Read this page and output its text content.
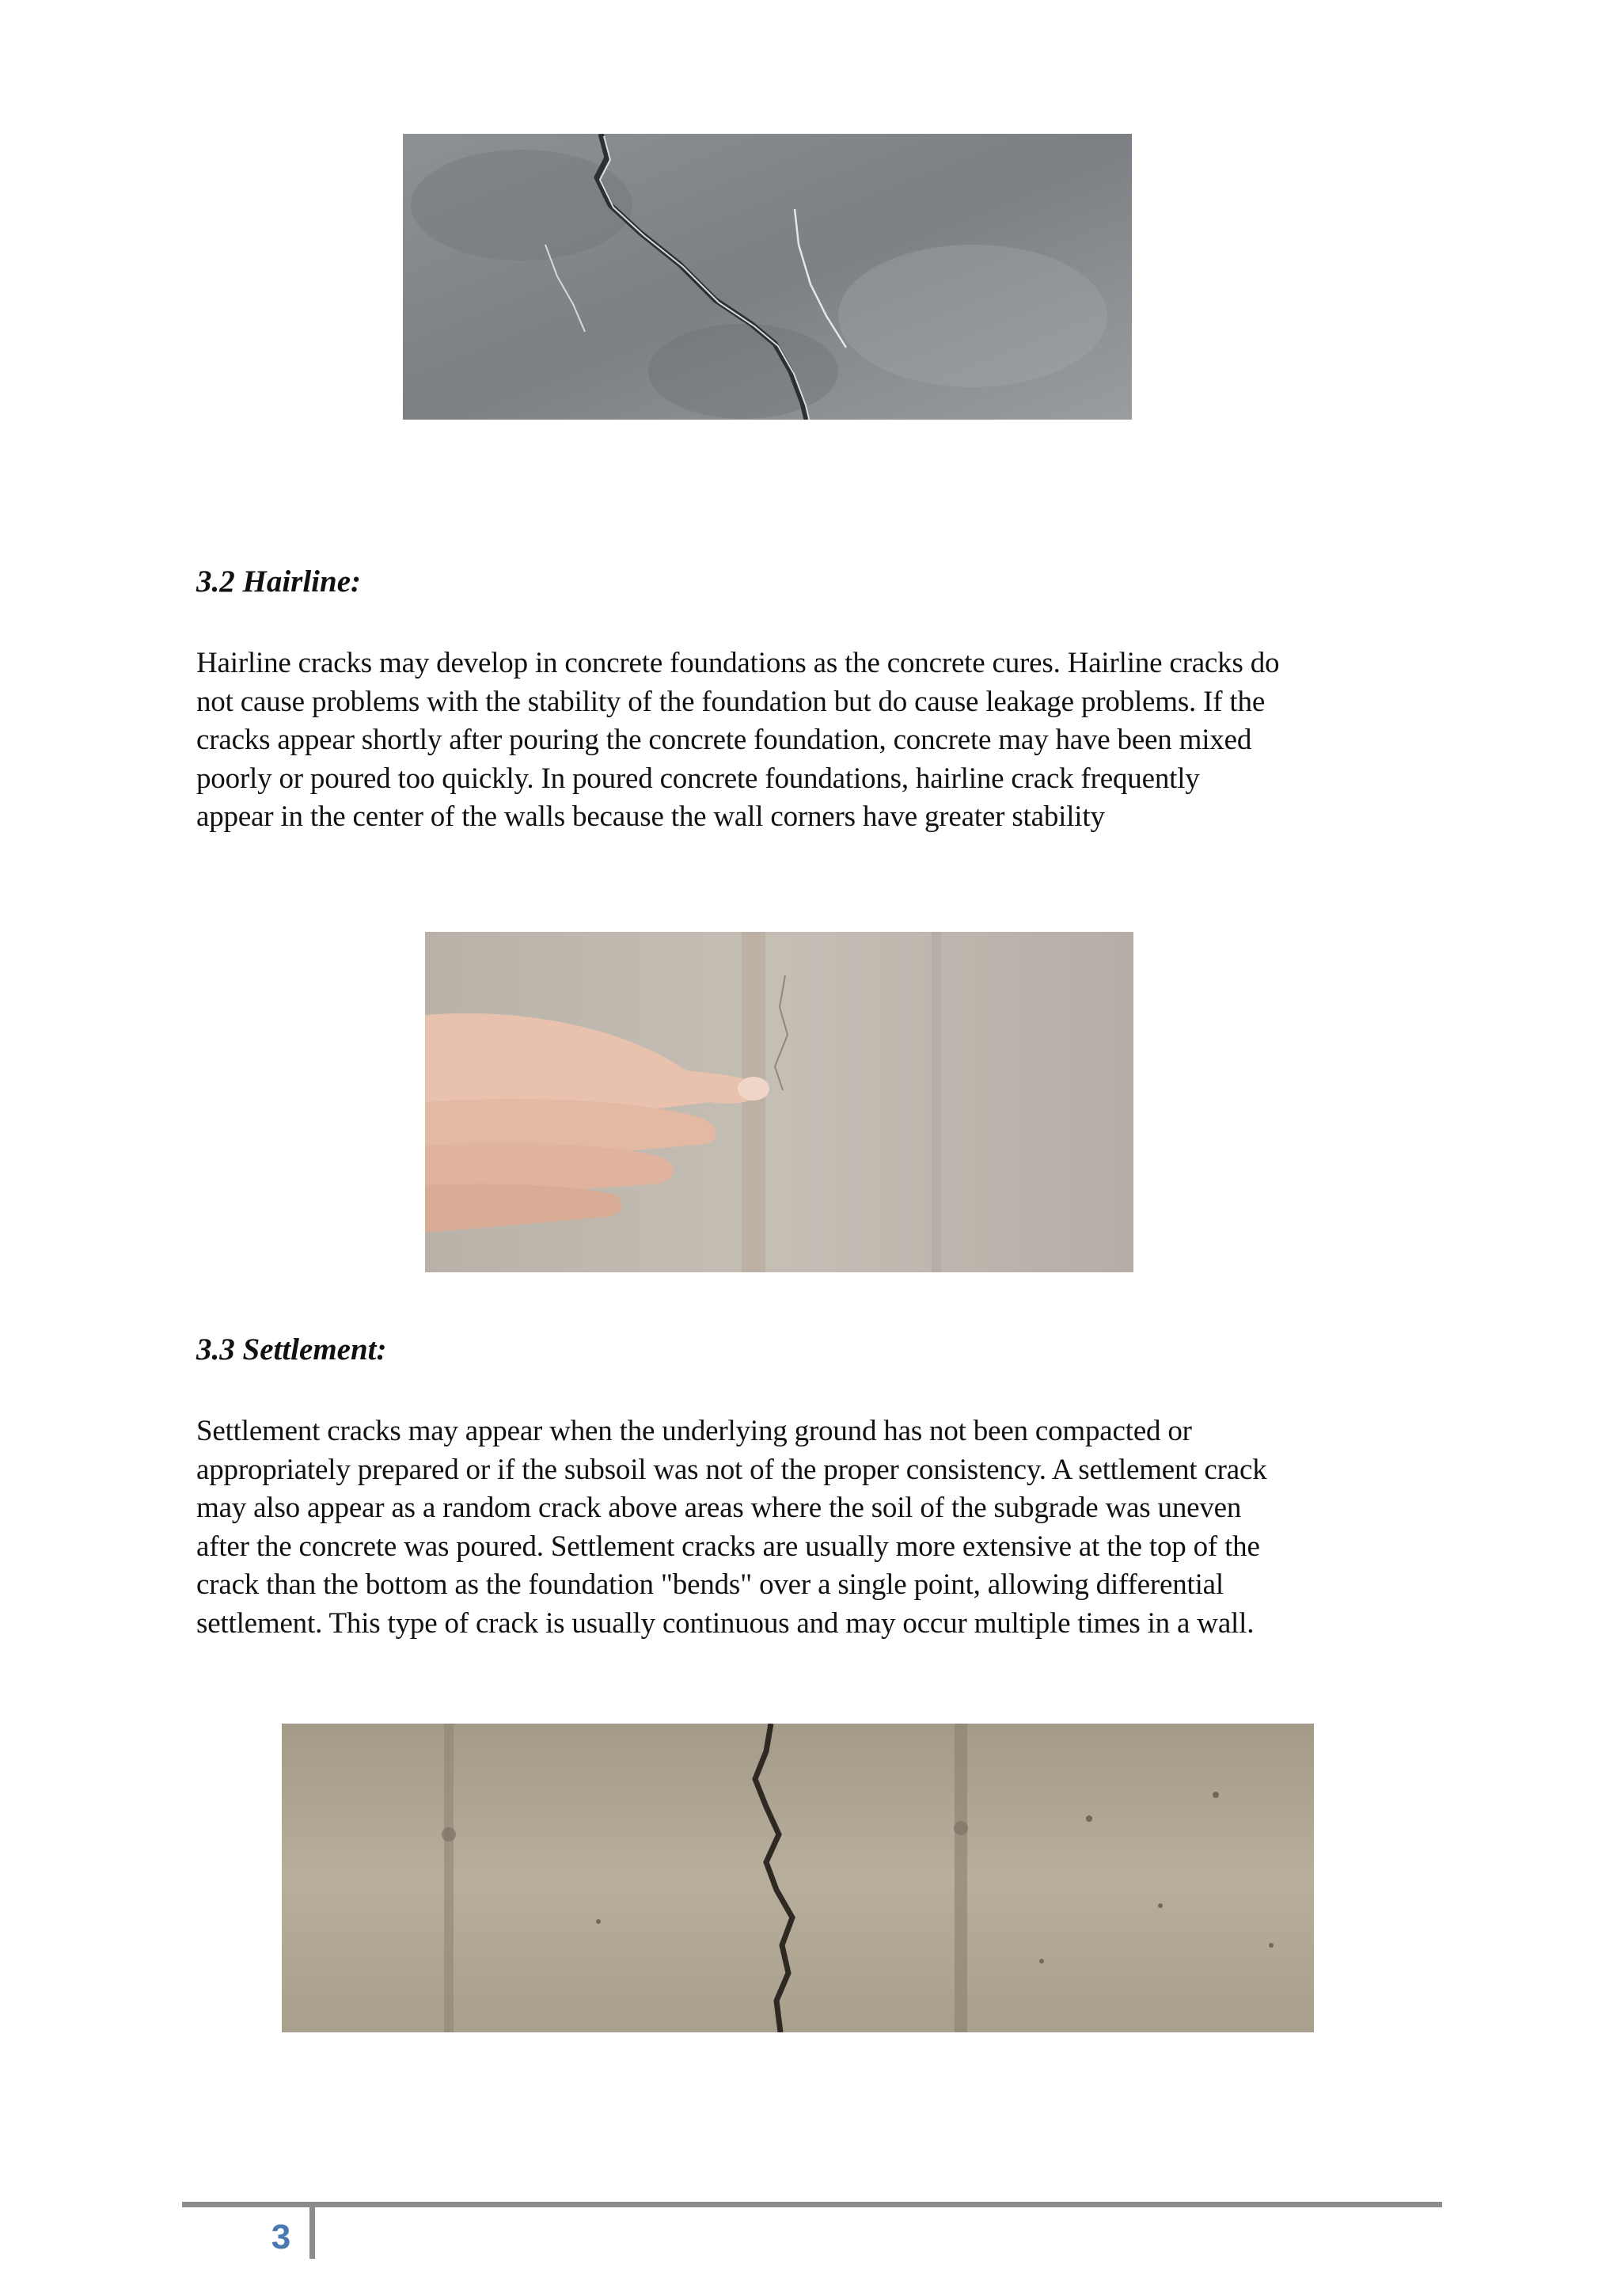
3.2 Hairline:

Hairline cracks may develop in concrete foundations as the concrete cures. Hairline cracks do
not cause problems with the stability of the foundation but do cause leakage problems. If the
cracks appear shortly after pouring the concrete foundation, concrete may have been mixed
poorly or poured too quickly. In poured concrete foundations, hairline crack frequently
appear in the center of the walls because the wall corners have greater stability

3.3 Settlement:

Settlement cracks may appear when the underlying ground has not been compacted or
appropriately prepared or if the subsoil was not of the proper consistency. A settlement crack
may also appear as a random crack above areas where the soil of the subgrade was uneven
after the concrete was poured. Settlement cracks are usually more extensive at the top of the
crack than the bottom as the foundation "bends" over a single point, allowing differential
settlement. This type of crack is usually continuous and may occur multiple times in a wall.

3
